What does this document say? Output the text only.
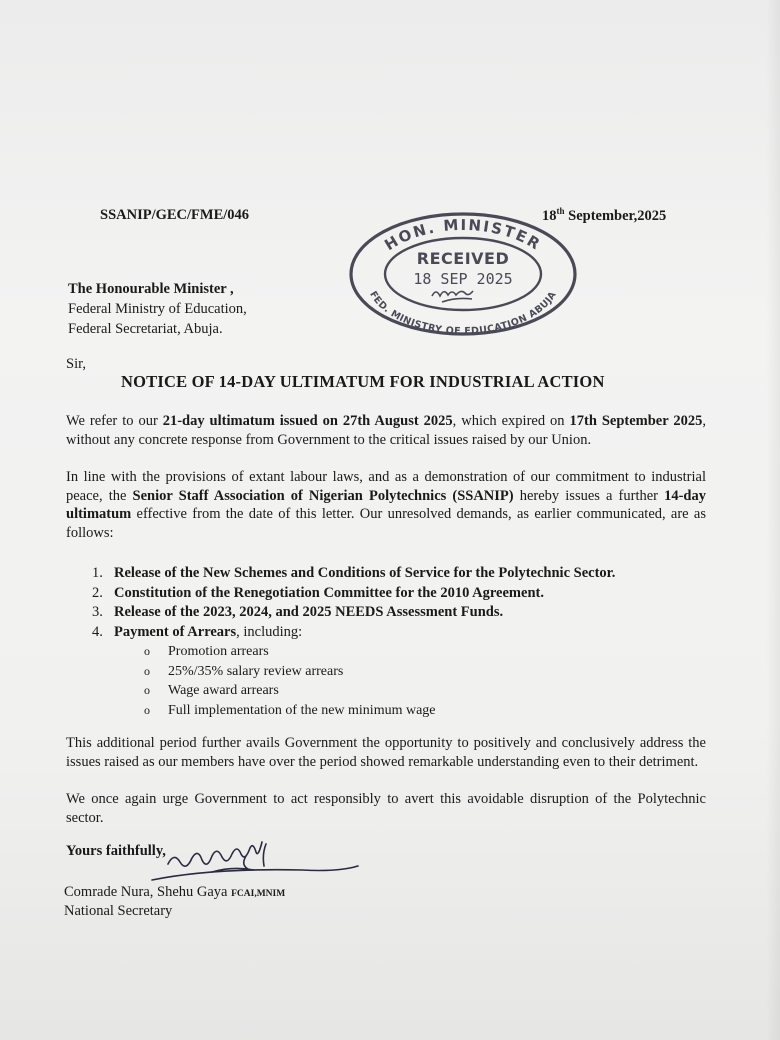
SSANIP/GEC/FME/046	18th September,2025
HON. MINISTER
FED. MINISTRY OF EDUCATION ABUJA
RECEIVED
18 SEP 2025
The Honourable Minister ,
Federal Ministry of Education,
Federal Secretariat, Abuja.
Sir,
NOTICE OF 14-DAY ULTIMATUM FOR INDUSTRIAL ACTION
We refer to our 21-day ultimatum issued on 27th August 2025, which expired on 17th September 2025, without any concrete response from Government to the critical issues raised by our Union.
In line with the provisions of extant labour laws, and as a demonstration of our commitment to industrial peace, the Senior Staff Association of Nigerian Polytechnics (SSANIP) hereby issues a further 14-day ultimatum effective from the date of this letter. Our unresolved demands, as earlier communicated, are as follows:
1. Release of the New Schemes and Conditions of Service for the Polytechnic Sector.
2. Constitution of the Renegotiation Committee for the 2010 Agreement.
3. Release of the 2023, 2024, and 2025 NEEDS Assessment Funds.
4. Payment of Arrears, including:
o Promotion arrears
o 25%/35% salary review arrears
o Wage award arrears
o Full implementation of the new minimum wage
This additional period further avails Government the opportunity to positively and conclusively address the issues raised as our members have over the period showed remarkable understanding even to their detriment.
We once again urge Government to act responsibly to avert this avoidable disruption of the Polytechnic sector.
Yours faithfully,
Comrade Nura, Shehu Gaya FCAI,MNIM
National Secretary
